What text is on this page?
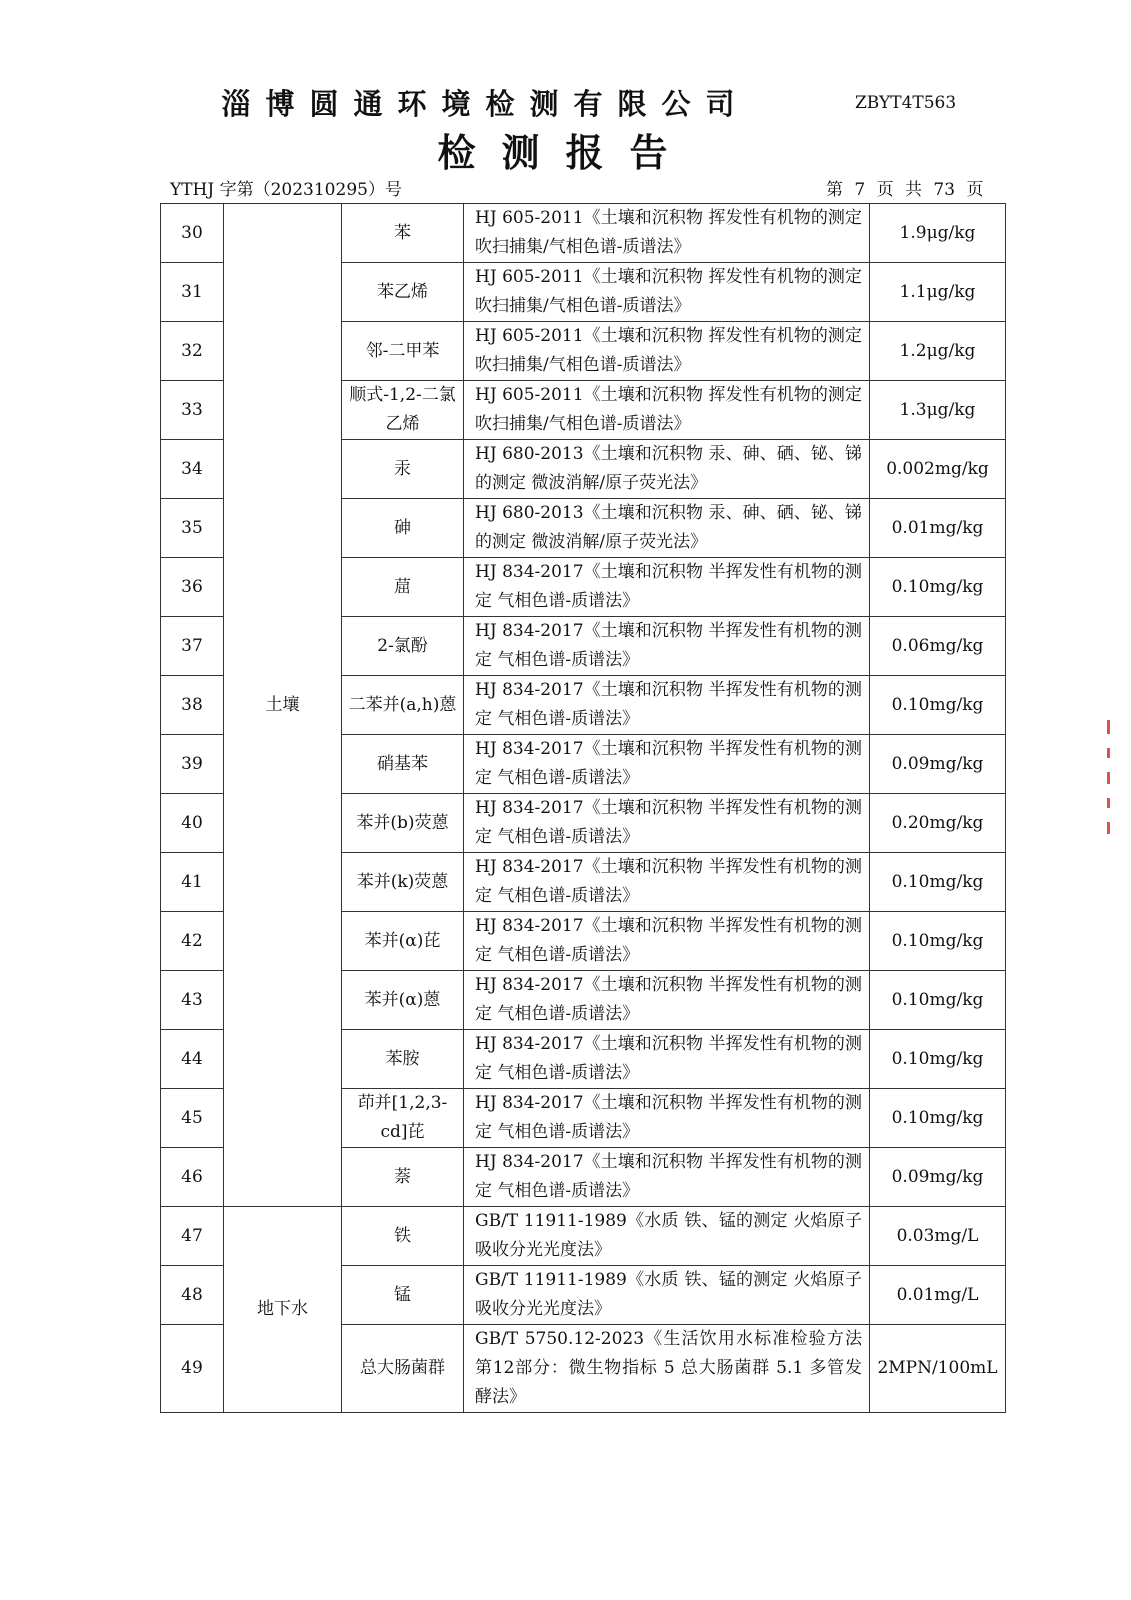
淄博圆通环境检测有限公司	ZBYT4T563
检测报告
YTHJ 字第（202310295）号	第 7 页 共 73 页
30	土壤	苯	HJ 605-2011《土壤和沉积物 挥发性有机物的测定 吹扫捕集/气相色谱-质谱法》	1.9μg/kg
31		苯乙烯	HJ 605-2011《土壤和沉积物 挥发性有机物的测定 吹扫捕集/气相色谱-质谱法》	1.1μg/kg
32		邻-二甲苯	HJ 605-2011《土壤和沉积物 挥发性有机物的测定 吹扫捕集/气相色谱-质谱法》	1.2μg/kg
33		顺式-1,2-二氯乙烯	HJ 605-2011《土壤和沉积物 挥发性有机物的测定 吹扫捕集/气相色谱-质谱法》	1.3μg/kg
34		汞	HJ 680-2013《土壤和沉积物 汞、砷、硒、铋、锑的测定 微波消解/原子荧光法》	0.002mg/kg
35		砷	HJ 680-2013《土壤和沉积物 汞、砷、硒、铋、锑的测定 微波消解/原子荧光法》	0.01mg/kg
36		䓛	HJ 834-2017《土壤和沉积物 半挥发性有机物的测定 气相色谱-质谱法》	0.10mg/kg
37		2-氯酚	HJ 834-2017《土壤和沉积物 半挥发性有机物的测定 气相色谱-质谱法》	0.06mg/kg
38		二苯并(a,h)蒽	HJ 834-2017《土壤和沉积物 半挥发性有机物的测定 气相色谱-质谱法》	0.10mg/kg
39		硝基苯	HJ 834-2017《土壤和沉积物 半挥发性有机物的测定 气相色谱-质谱法》	0.09mg/kg
40		苯并(b)荧蒽	HJ 834-2017《土壤和沉积物 半挥发性有机物的测定 气相色谱-质谱法》	0.20mg/kg
41		苯并(k)荧蒽	HJ 834-2017《土壤和沉积物 半挥发性有机物的测定 气相色谱-质谱法》	0.10mg/kg
42		苯并(α)芘	HJ 834-2017《土壤和沉积物 半挥发性有机物的测定 气相色谱-质谱法》	0.10mg/kg
43		苯并(α)蒽	HJ 834-2017《土壤和沉积物 半挥发性有机物的测定 气相色谱-质谱法》	0.10mg/kg
44		苯胺	HJ 834-2017《土壤和沉积物 半挥发性有机物的测定 气相色谱-质谱法》	0.10mg/kg
45		茚并[1,2,3-cd]芘	HJ 834-2017《土壤和沉积物 半挥发性有机物的测定 气相色谱-质谱法》	0.10mg/kg
46		萘	HJ 834-2017《土壤和沉积物 半挥发性有机物的测定 气相色谱-质谱法》	0.09mg/kg
47	地下水	铁	GB/T 11911-1989《水质 铁、锰的测定 火焰原子吸收分光光度法》	0.03mg/L
48		锰	GB/T 11911-1989《水质 铁、锰的测定 火焰原子吸收分光光度法》	0.01mg/L
49		总大肠菌群	GB/T 5750.12-2023《生活饮用水标准检验方法 第12部分：微生物指标 5 总大肠菌群 5.1 多管发酵法》	2MPN/100mL
